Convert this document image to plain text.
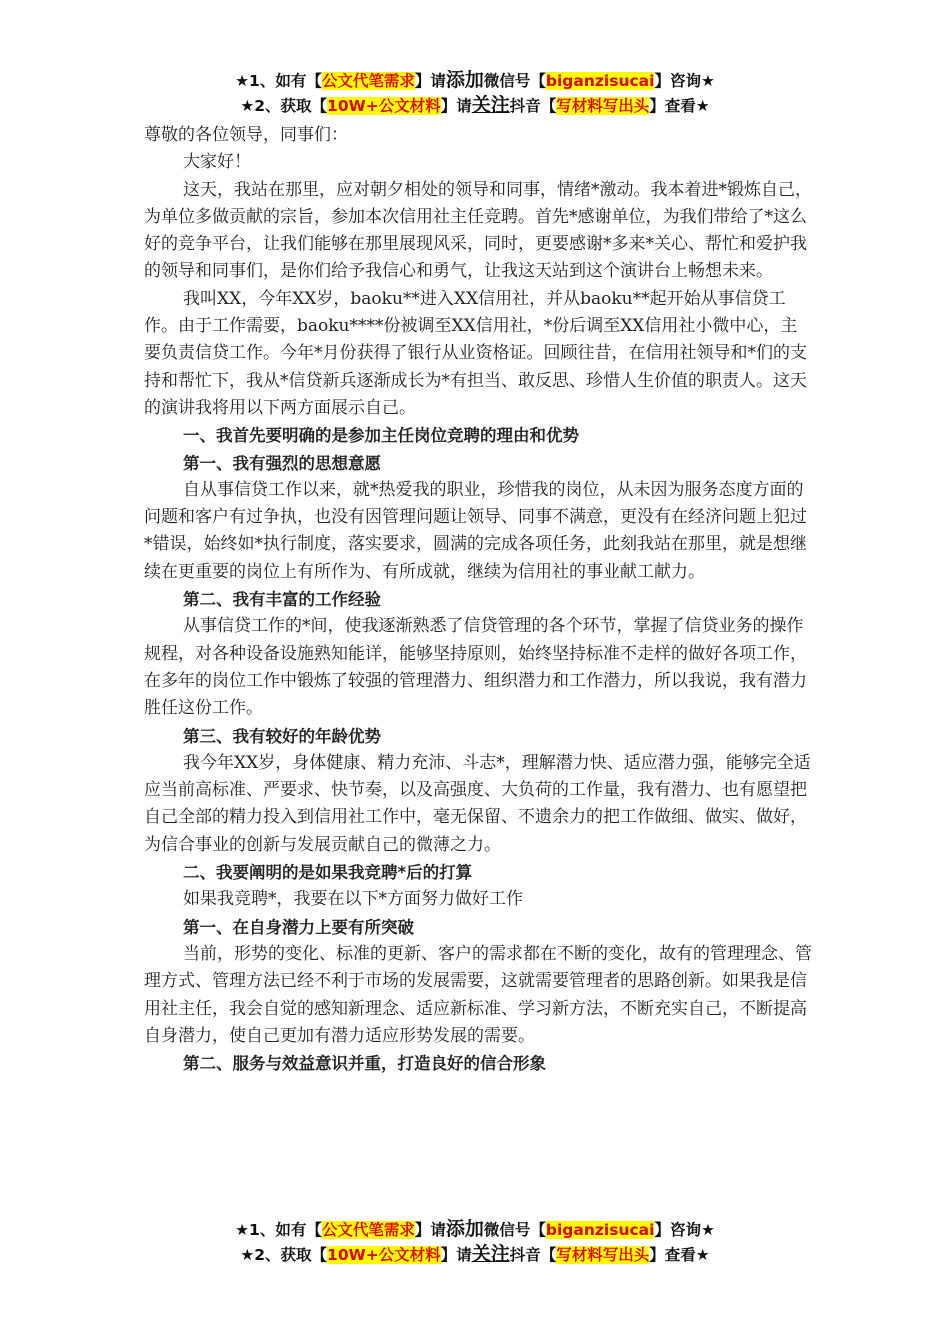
★1、如有【公文代笔需求】请添加微信号【biganzisucai】咨询★
★2、获取【10W+公文材料】请关注抖音【写材料写出头】查看★

尊敬的各位领导，同事们：

大家好！

这天，我站在那里，应对朝夕相处的领导和同事，情绪*激动。我本着进*锻炼自己，为单位多做贡献的宗旨，参加本次信用社主任竞聘。首先*感谢单位，为我们带给了*这么好的竞争平台，让我们能够在那里展现风采，同时，更要感谢*多来*关心、帮忙和爱护我的领导和同事们，是你们给予我信心和勇气，让我这天站到这个演讲台上畅想未来。

我叫XX，今年XX岁，baoku**进入XX信用社，并从baoku**起开始从事信贷工作。由于工作需要，baoku****份被调至XX信用社，*份后调至XX信用社小微中心，主要负责信贷工作。今年*月份获得了银行从业资格证。回顾往昔，在信用社领导和*们的支持和帮忙下，我从*信贷新兵逐渐成长为*有担当、敢反思、珍惜人生价值的职责人。这天的演讲我将用以下两方面展示自己。

一、我首先要明确的是参加主任岗位竞聘的理由和优势

第一、我有强烈的思想意愿

自从事信贷工作以来，就*热爱我的职业，珍惜我的岗位，从未因为服务态度方面的问题和客户有过争执，也没有因管理问题让领导、同事不满意，更没有在经济问题上犯过*错误，始终如*执行制度，落实要求，圆满的完成各项任务，此刻我站在那里，就是想继续在更重要的岗位上有所作为、有所成就，继续为信用社的事业献工献力。

第二、我有丰富的工作经验

从事信贷工作的*间，使我逐渐熟悉了信贷管理的各个环节，掌握了信贷业务的操作规程，对各种设备设施熟知能详，能够坚持原则，始终坚持标准不走样的做好各项工作，在多年的岗位工作中锻炼了较强的管理潜力、组织潜力和工作潜力，所以我说，我有潜力胜任这份工作。

第三、我有较好的年龄优势

我今年XX岁，身体健康、精力充沛、斗志*，理解潜力快、适应潜力强，能够完全适应当前高标准、严要求、快节奏，以及高强度、大负荷的工作量，我有潜力、也有愿望把自己全部的精力投入到信用社工作中，毫无保留、不遗余力的把工作做细、做实、做好，为信合事业的创新与发展贡献自己的微薄之力。

二、我要阐明的是如果我竞聘*后的打算

如果我竞聘*，我要在以下*方面努力做好工作

第一、在自身潜力上要有所突破

当前，形势的变化、标准的更新、客户的需求都在不断的变化，故有的管理理念、管理方式、管理方法已经不利于市场的发展需要，这就需要管理者的思路创新。如果我是信用社主任，我会自觉的感知新理念、适应新标准、学习新方法，不断充实自己，不断提高自身潜力，使自己更加有潜力适应形势发展的需要。

第二、服务与效益意识并重，打造良好的信合形象

★1、如有【公文代笔需求】请添加微信号【biganzisucai】咨询★
★2、获取【10W+公文材料】请关注抖音【写材料写出头】查看★
